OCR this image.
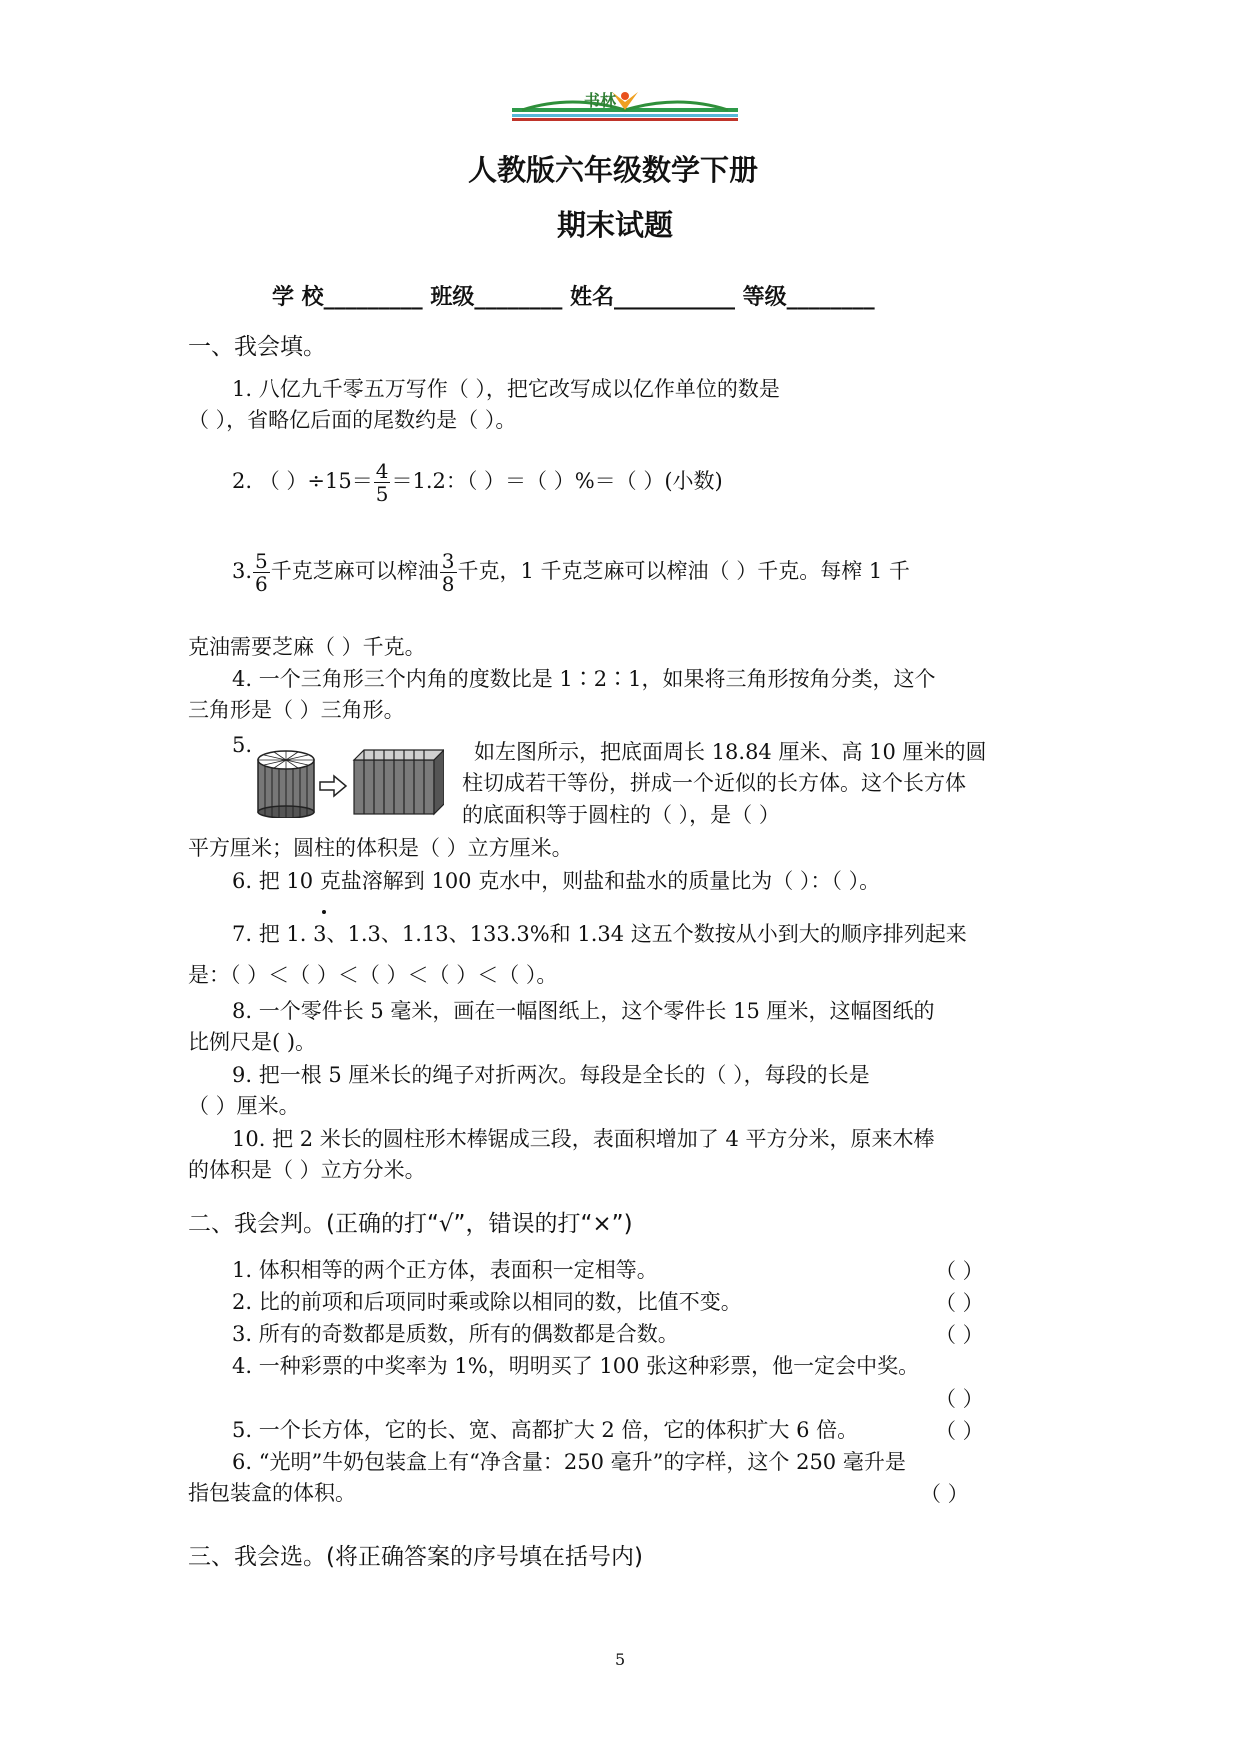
书林
人教版六年级数学下册
期末试题
学 校_________ 班级________ 姓名___________ 等级________
一、我会填。
1. 八亿九千零五万写作（ ），把它改写成以亿作单位的数是
（ ），省略亿后面的尾数约是（ ）。
2. （ ）$\div 15= \frac{4}{5} =1.2$：（ ）＝（ ）%＝（ ）(小数)
3. $\frac{5}{6}$ 千克芝麻可以榨油 $\frac{3}{8}$ 千克，1 千克芝麻可以榨油（ ）千克。每榨 1 千
克油需要芝麻（ ）千克。
4. 一个三角形三个内角的度数比是 1∶2∶1，如果将三角形按角分类，这个
三角形是（ ）三角形。
5.	如左图所示，把底面周长 18.84 厘米、高 10 厘米的圆
柱切成若干等份，拼成一个近似的长方体。这个长方体
的底面积等于圆柱的（ ），是（ ）
平方厘米；圆柱的体积是（ ）立方厘米。
6. 把 10 克盐溶解到 100 克水中，则盐和盐水的质量比为（ ）：（ ）。
7. 把 1. 3、1.3、1.13、133.3%和 1.34 这五个数按从小到大的顺序排列起来
是：（ ）＜（ ）＜（ ）＜（ ）＜（ ）。
8. 一个零件长 5 毫米，画在一幅图纸上，这个零件长 15 厘米，这幅图纸的
比例尺是( )。
9. 把一根 5 厘米长的绳子对折两次。每段是全长的（ ），每段的长是
（ ）厘米。
10. 把 2 米长的圆柱形木棒锯成三段，表面积增加了 4 平方分米，原来木棒
的体积是（ ）立方分米。
二、我会判。(正确的打“√”，错误的打“×”)
1. 体积相等的两个正方体，表面积一定相等。	（ ）
2. 比的前项和后项同时乘或除以相同的数，比值不变。	（ ）
3. 所有的奇数都是质数，所有的偶数都是合数。	（ ）
4. 一种彩票的中奖率为 1%，明明买了 100 张这种彩票，他一定会中奖。
（ ）
5. 一个长方体，它的长、宽、高都扩大 2 倍，它的体积扩大 6 倍。	（ ）
6. “光明”牛奶包装盒上有“净含量：250 毫升”的字样，这个 250 毫升是
指包装盒的体积。	（ ）
三、我会选。(将正确答案的序号填在括号内)
5
